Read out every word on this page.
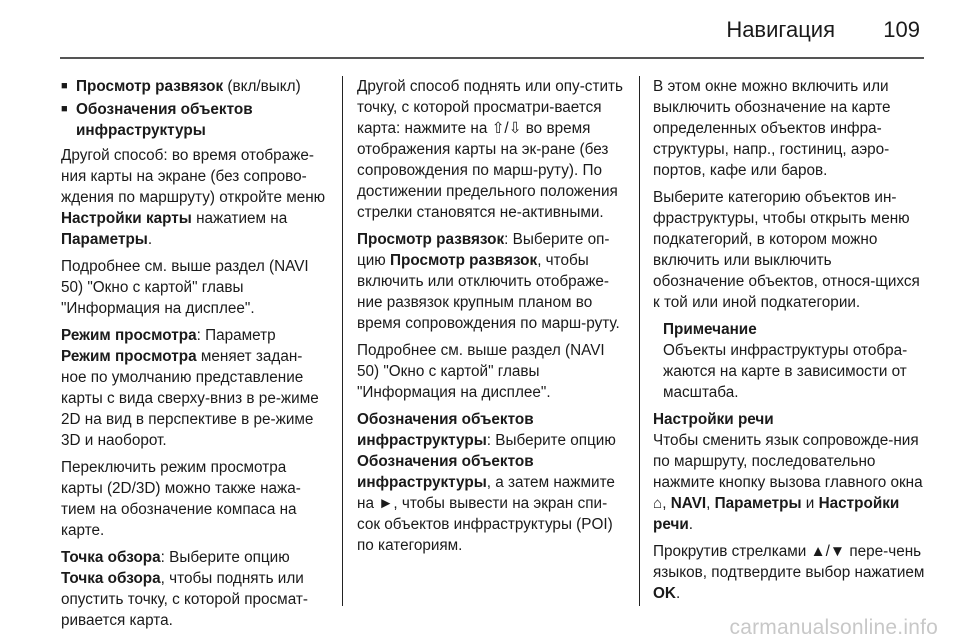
Навигация 109
■ Просмотр развязок (вкл/выкл)
■ Обозначения объектов
инфраструктуры

Другой способ: во время отображе-ния карты на экране (без сопрово-ждения по маршруту) откройте меню Настройки карты нажатием на Параметры.

Подробнее см. выше раздел (NAVI 50) "Окно с картой" главы "Информация на дисплее".

Режим просмотра: Параметр Режим просмотра меняет задан-ное по умолчанию представление карты с вида сверху-вниз в ре-жиме 2D на вид в перспективе в ре-жиме 3D и наоборот.

Переключить режим просмотра карты (2D/3D) можно также нажа-тием на обозначение компаса на карте.

Точка обзора: Выберите опцию Точка обзора, чтобы поднять или опустить точку, с которой просмат-ривается карта.

Другой способ поднять или опу-стить точку, с которой просматри-вается карта: нажмите на ⇧/⇩ во время отображения карты на эк-ране (без сопровождения по марш-руту). По достижении предельного положения стрелки становятся не-активными.

Просмотр развязок: Выберите оп-цию Просмотр развязок, чтобы включить или отключить отображе-ние развязок крупным планом во время сопровождения по марш-руту.

Подробнее см. выше раздел (NAVI 50) "Окно с картой" главы "Информация на дисплее".

Обозначения объектов инфраструктуры: Выберите опцию Обозначения объектов инфраструктуры, а затем нажмите на ►, чтобы вывести на экран спи-сок объектов инфраструктуры (POI) по категориям.

В этом окне можно включить или выключить обозначение на карте определенных объектов инфра-структуры, напр., гостиниц, аэро-портов, кафе или баров.

Выберите категорию объектов ин-фраструктуры, чтобы открыть меню подкатегорий, в котором можно включить или выключить обозначение объектов, относя-щихся к той или иной подкатегории.

Примечание
Объекты инфраструктуры отобра-жаются на карте в зависимости от масштаба.

Настройки речи

Чтобы сменить язык сопровожде-ния по маршруту, последовательно нажмите кнопку вызова главного окна ⌂, NAVI, Параметры и Настройки речи.

Прокрутив стрелками ▲/▼ пере-чень языков, подтвердите выбор нажатием OK.

carmanualsonline.info
